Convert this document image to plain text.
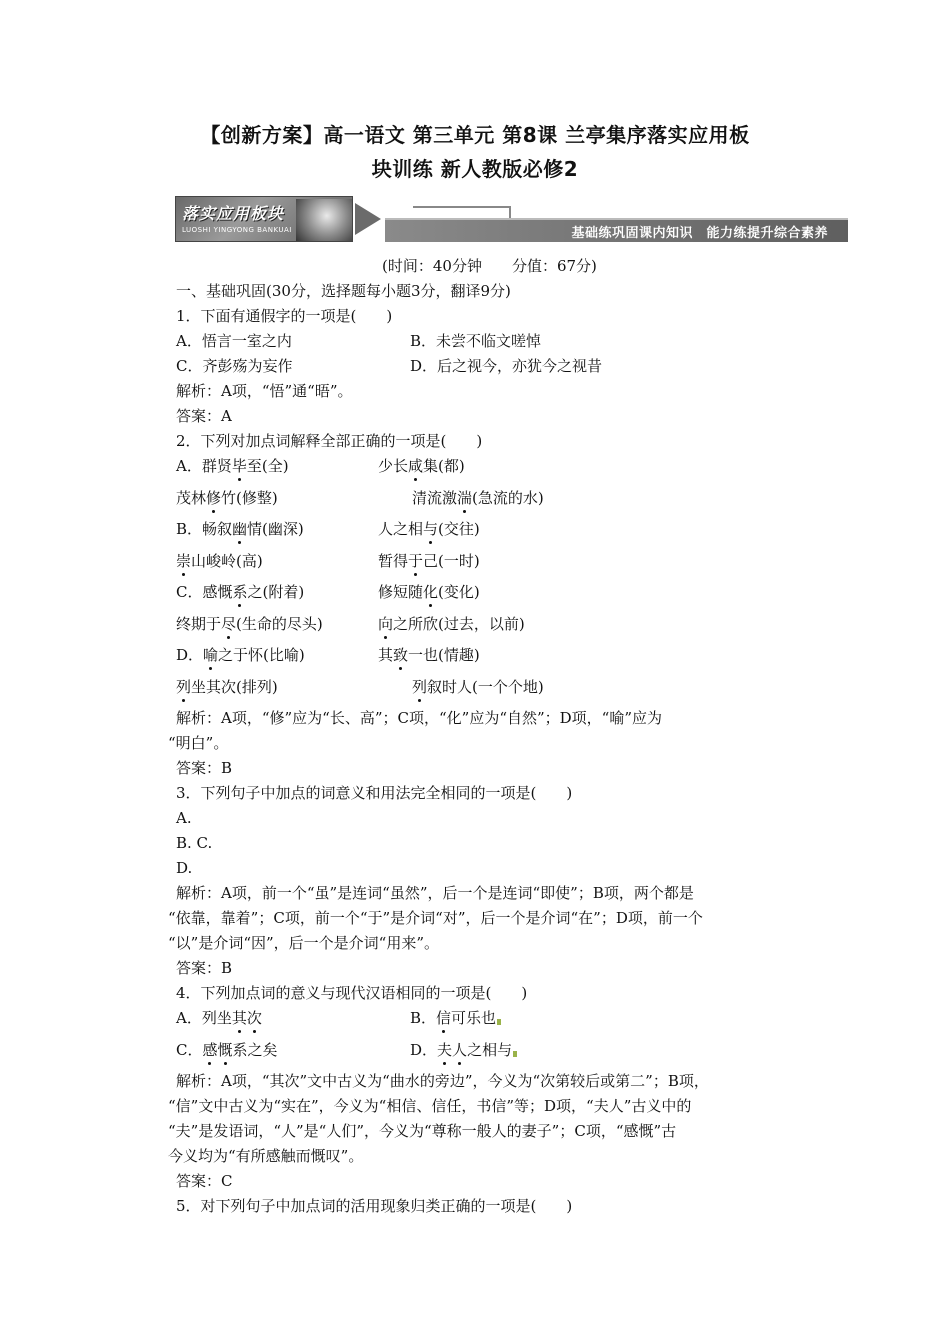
【创新方案】高一语文 第三单元 第8课 兰亭集序落实应用板
块训练 新人教版必修2
落实应用板块
LUOSHI YINGYONG BANKUAI	基础练巩固课内知识　能力练提升综合素养
(时间：40分钟　　分值：67分)
一、基础巩固(30分，选择题每小题3分，翻译9分)
1．下面有通假字的一项是(　　)
A．悟言一室之内	B．未尝不临文嗟悼
C．齐彭殇为妄作	D．后之视今，亦犹今之视昔
解析：A项，“悟”通“晤”。
答案：A
2．下列对加点词解释全部正确的一项是(　　)
A．群贤毕至(全)	少长咸集(都)
茂林修竹(修整)	清流激湍(急流的水)
B．畅叙幽情(幽深)	人之相与(交往)
崇山峻岭(高)	暂得于己(一时)
C．感慨系之(附着)	修短随化(变化)
终期于尽(生命的尽头)	向之所欣(过去，以前)
D．喻之于怀(比喻)	其致一也(情趣)
列坐其次(排列)	列叙时人(一个个地)
解析：A项，“修”应为“长、高”；C项，“化”应为“自然”；D项，“喻”应为
“明白”。
答案：B
3．下列句子中加点的词意义和用法完全相同的一项是(　　)
A.
B. C.
D.
解析：A项，前一个“虽”是连词“虽然”，后一个是连词“即使”；B项，两个都是
“依靠，靠着”；C项，前一个“于”是介词“对”，后一个是介词“在”；D项，前一个
“以”是介词“因”，后一个是介词“用来”。
答案：B
4．下列加点词的意义与现代汉语相同的一项是(　　)
A．列坐其次	B．信可乐也
C．感慨系之矣	D．夫人之相与
解析：A项，“其次”文中古义为“曲水的旁边”，今义为“次第较后或第二”；B项，
“信”文中古义为“实在”，今义为“相信、信任，书信”等；D项，“夫人”古义中的
“夫”是发语词，“人”是“人们”，今义为“尊称一般人的妻子”；C项，“感慨”古
今义均为“有所感触而慨叹”。
答案：C
5．对下列句子中加点词的活用现象归类正确的一项是(　　)
